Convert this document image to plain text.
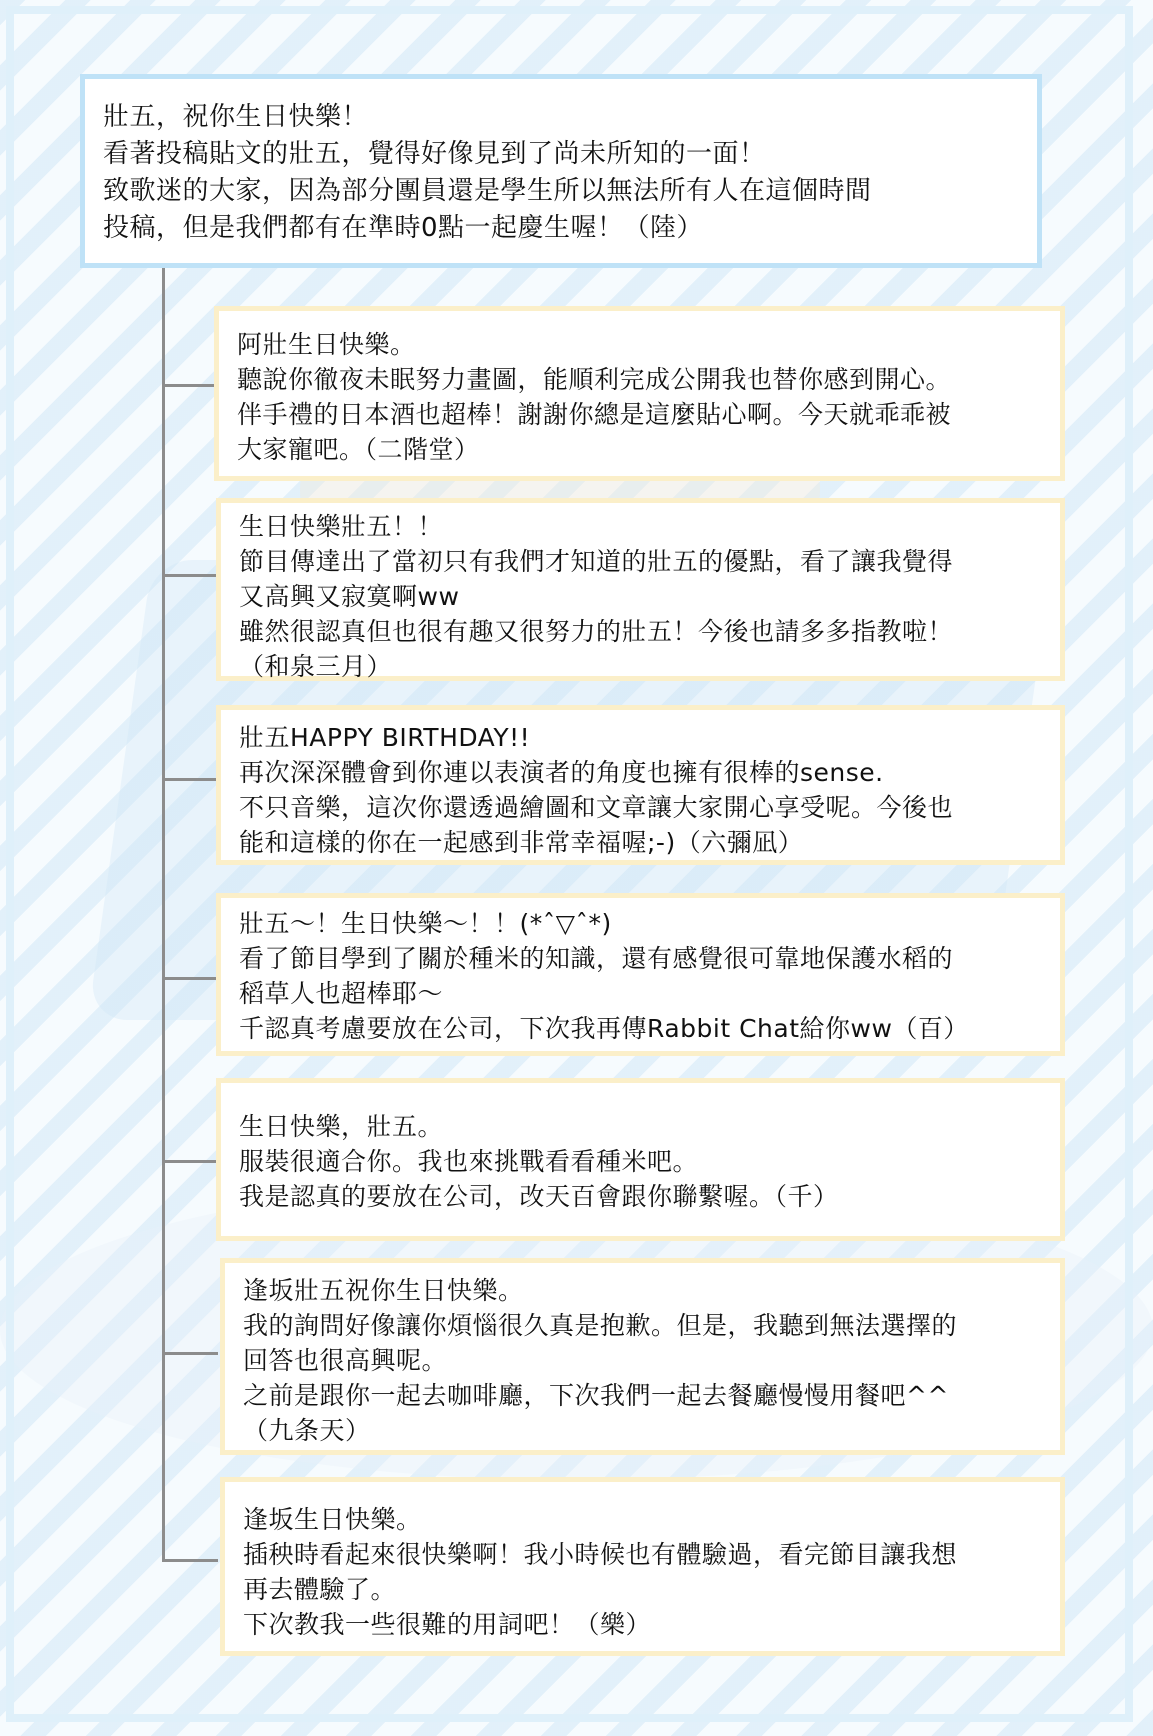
壯五，祝你生日快樂！
看著投稿貼文的壯五，覺得好像見到了尚未所知的一面！
致歌迷的大家，因為部分團員還是學生所以無法所有人在這個時間
投稿，但是我們都有在準時0點一起慶生喔！（陸）
阿壯生日快樂。
聽說你徹夜未眠努力畫圖，能順利完成公開我也替你感到開心。
伴手禮的日本酒也超棒！謝謝你總是這麼貼心啊。今天就乖乖被
大家寵吧。（二階堂）
生日快樂壯五！！
節目傳達出了當初只有我們才知道的壯五的優點，看了讓我覺得
又高興又寂寞啊ww
雖然很認真但也很有趣又很努力的壯五！今後也請多多指教啦！
（和泉三月）
壯五HAPPY BIRTHDAY!!
再次深深體會到你連以表演者的角度也擁有很棒的sense.
不只音樂，這次你還透過繪圖和文章讓大家開心享受呢。今後也
能和這樣的你在一起感到非常幸福喔;-)（六彌凪）
壯五～！生日快樂～！！(*ˆ▽ˆ*)
看了節目學到了關於種米的知識，還有感覺很可靠地保護水稻的
稻草人也超棒耶～
千認真考慮要放在公司，下次我再傳Rabbit Chat給你ww（百）
生日快樂，壯五。
服裝很適合你。我也來挑戰看看種米吧。
我是認真的要放在公司，改天百會跟你聯繫喔。（千）
逢坂壯五祝你生日快樂。
我的詢問好像讓你煩惱很久真是抱歉。但是，我聽到無法選擇的
回答也很高興呢。
之前是跟你一起去咖啡廳，下次我們一起去餐廳慢慢用餐吧^^
（九条天）
逢坂生日快樂。
插秧時看起來很快樂啊！我小時候也有體驗過，看完節目讓我想
再去體驗了。
下次教我一些很難的用詞吧！（樂）
